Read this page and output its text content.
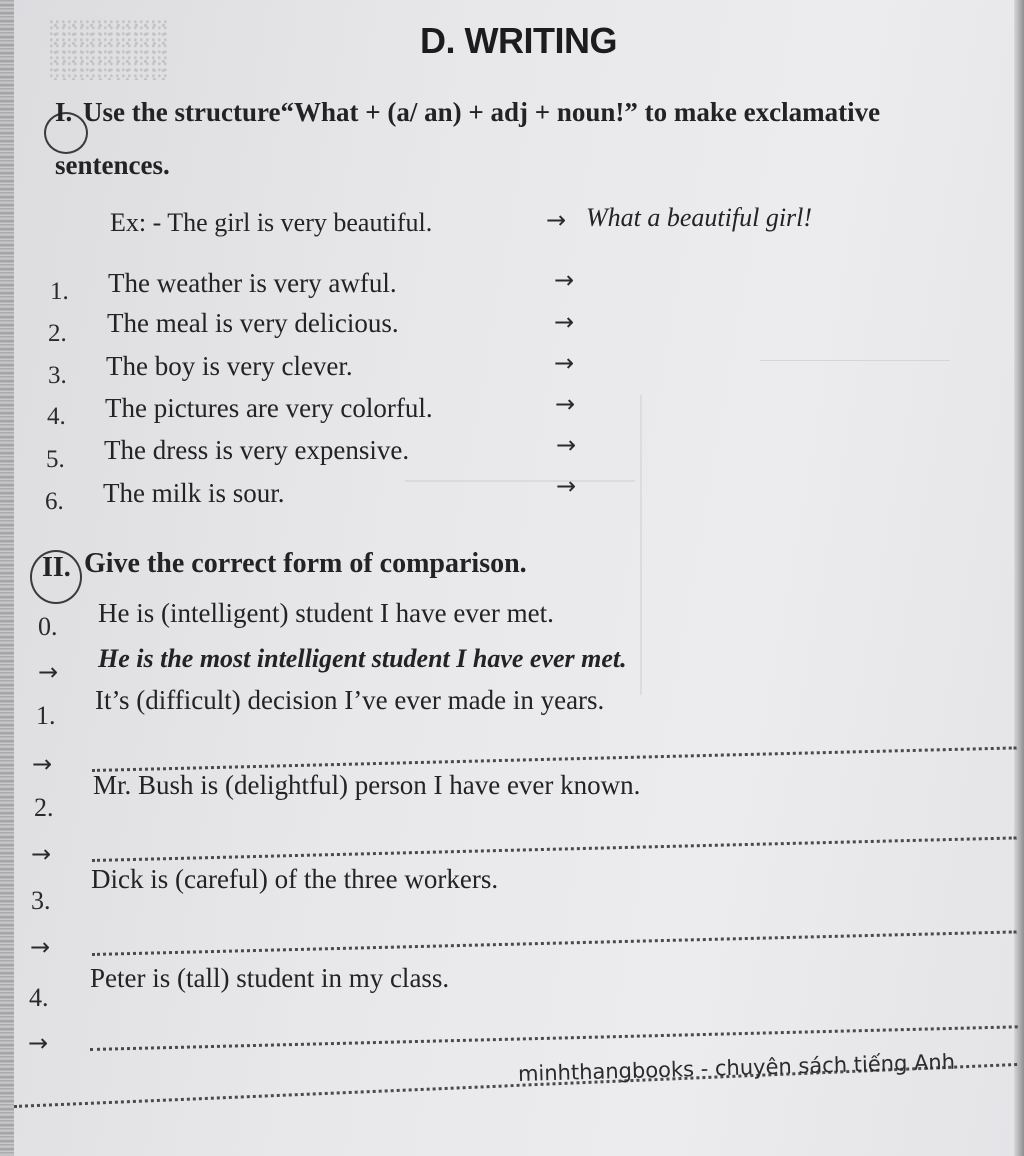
D. WRITING
I. Use the structure“What + (a/ an) + adj + noun!” to make exclamative
sentences.
Ex: - The girl is very beautiful.	→ What a beautiful girl!
1. The weather is very awful.	→
2. The meal is very delicious.	→
3. The boy is very clever.	→
4. The pictures are very colorful.	→
5. The dress is very expensive.	→
6. The milk is sour.	→
II. Give the correct form of comparison.
0. He is (intelligent) student I have ever met.
→ He is the most intelligent student I have ever met.
1.
It’s (difficult) decision I’ve ever made in years.
→
2.
Mr. Bush is (delightful) person I have ever known.
→
3.
Dick is (careful) of the three workers.
→
4.
Peter is (tall) student in my class.
→
minhthangbooks - chuyên sách tiếng Anh
